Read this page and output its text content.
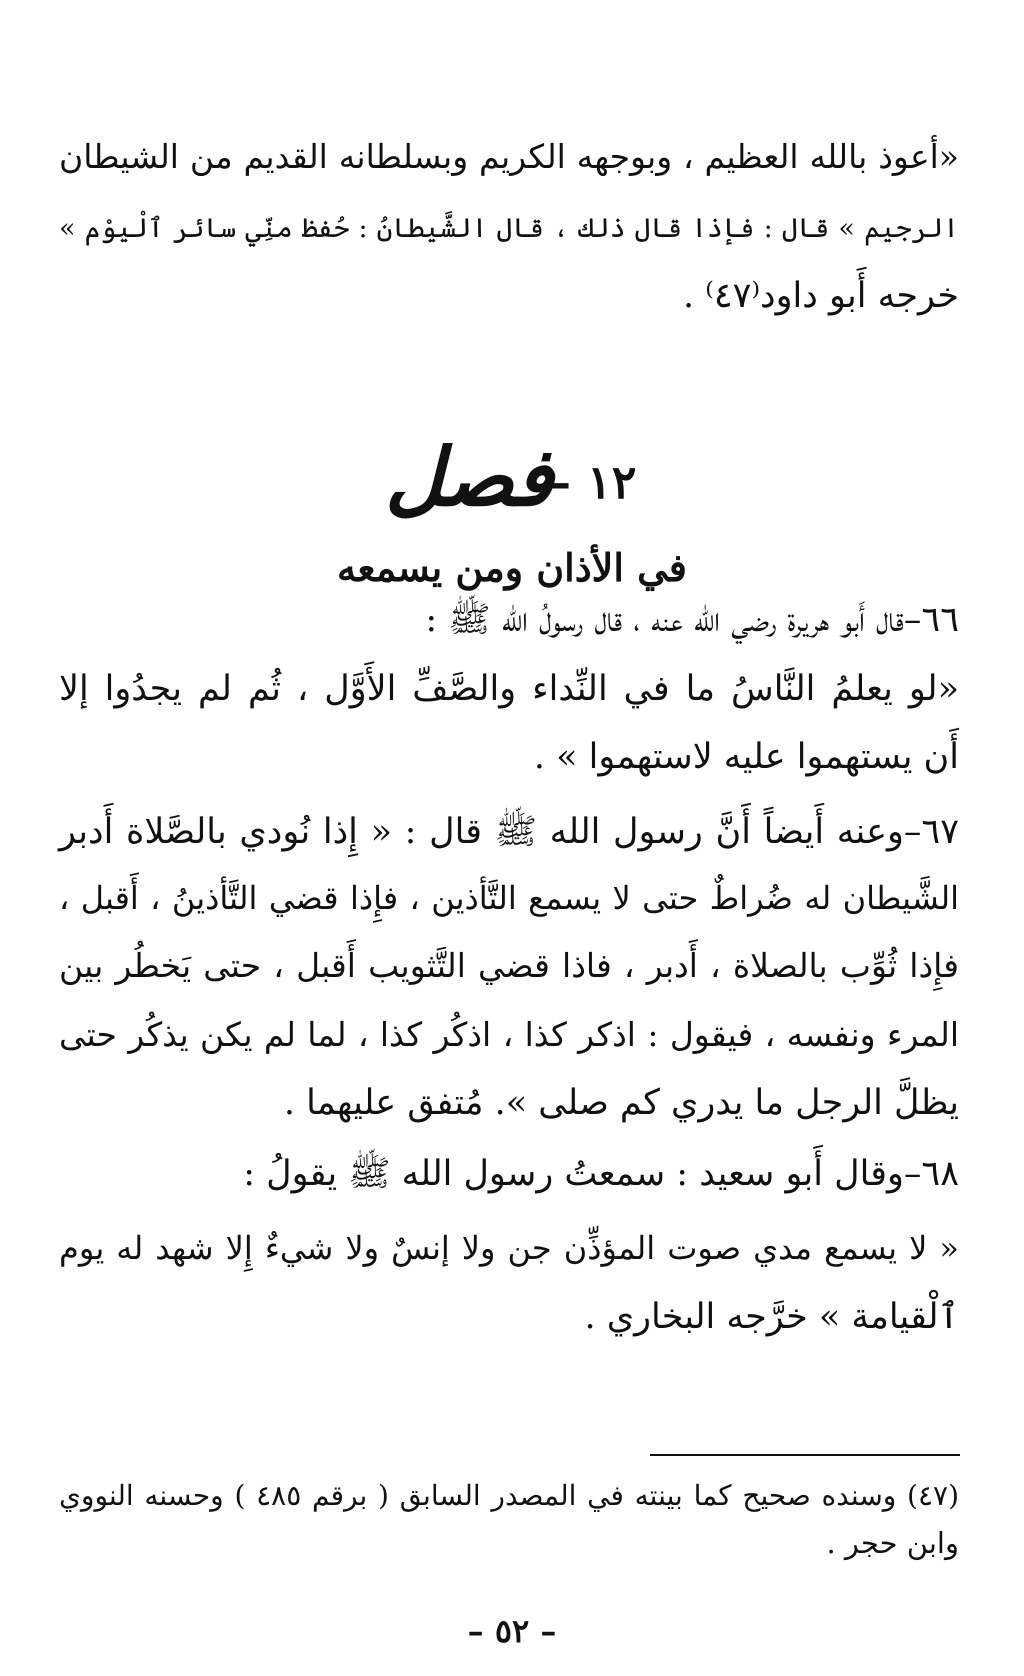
«أعوذ بالله العظيم ، وبوجهه الكريم وبسلطانه القديم من الشيطان
الرجيم » قال : فإذا قال ذلك ، قال الشَّيطانُ : حُفظ منِّي سائر ٱلْيوْم »
خرجه أَبو داود⁽٤٧⁾ .
١٢ –
فصل
في الأذان ومن يسمعه
٦٦–قال أَبو هريرة رضي الله عنه ، قال رسولُ الله ﷺ :
«لو يعلمُ النَّاسُ ما في النِّداء والصَّفِّ الأَوَّل ، ثُم لم يجدُوا إلا
أَن يستهموا عليه لاستهموا » .
٦٧–وعنه أَيضاً أَنَّ رسول الله ﷺ قال : « إِذا نُودي بالصَّلاة أَدبر
الشَّيطان له ضُراطٌ حتى لا يسمع التَّأذين ، فإِذا قضي التَّأذينُ ، أَقبل ،
فإِذا ثُوِّب بالصلاة ، أَدبر ، فاذا قضي التَّثويب أَقبل ، حتى يَخطُر بين
المرء ونفسه ، فيقول : اذكر كذا ، اذكُر كذا ، لما لم يكن يذكُر حتى
يظلَّ الرجل ما يدري كم صلى ». مُتفق عليهما .
٦٨–وقال أَبو سعيد : سمعتُ رسول الله ﷺ يقولُ :
« لا يسمع مدي صوت المؤذِّن جن ولا إنسٌ ولا شيءٌ إِلا شهد له يوم
ٱلْقيامة » خرَّجه البخاري .
(٤٧) وسنده صحيح كما بينته في المصدر السابق ( برقم ٤٨٥ ) وحسنه النووي
وابن حجر .
– ٥٢ –
